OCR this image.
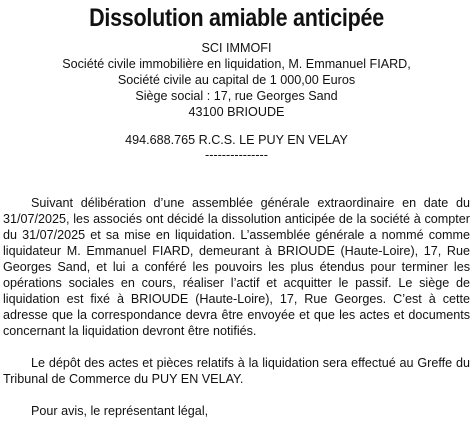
Dissolution amiable anticipée
SCI IMMOFI
Société civile immobilière en liquidation, M. Emmanuel FIARD,
Société civile au capital de 1 000,00 Euros
Siège social : 17, rue Georges Sand
43100 BRIOUDE
494.688.765 R.C.S. LE PUY EN VELAY
---------------

Suivant délibération d’une assemblée générale extraordinaire en date du 31/07/2025, les associés ont décidé la dissolution anticipée de la société à compter du 31/07/2025 et sa mise en liquidation. L’assemblée générale a nommé comme liquidateur M. Emmanuel FIARD, demeurant à BRIOUDE (Haute-Loire), 17, Rue Georges Sand, et lui a conféré les pouvoirs les plus étendus pour terminer les opérations sociales en cours, réaliser l’actif et acquitter le passif. Le siège de liquidation est fixé à BRIOUDE (Haute-Loire), 17, Rue Georges. C’est à cette adresse que la correspondance devra être envoyée et que les actes et documents concernant la liquidation devront être notifiés.

Le dépôt des actes et pièces relatifs à la liquidation sera effectué au Greffe du Tribunal de Commerce du PUY EN VELAY.

Pour avis, le représentant légal,
